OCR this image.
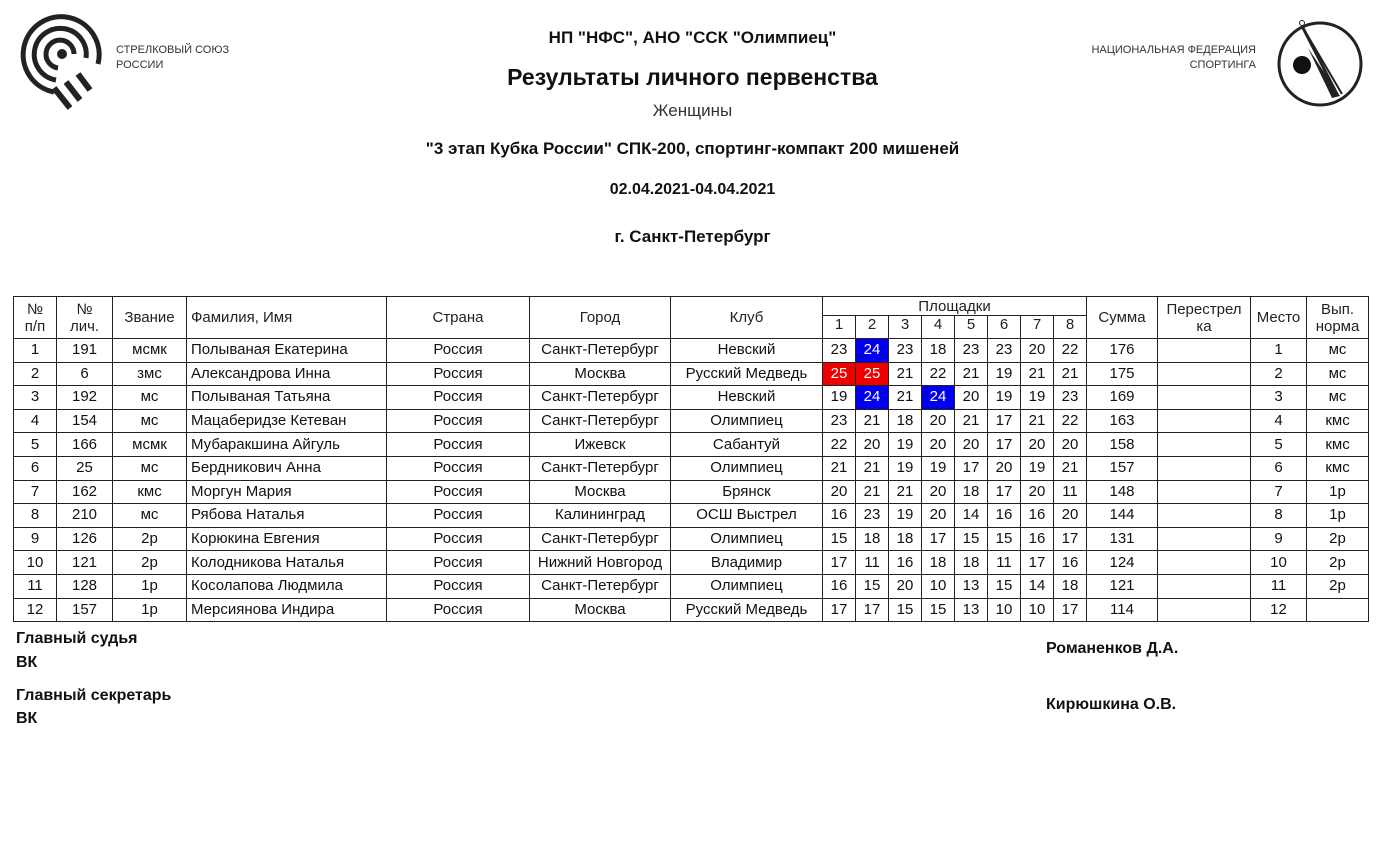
СТРЕЛКОВЫЙ СОЮЗ
РОССИИ
НАЦИОНАЛЬНАЯ ФЕДЕРАЦИЯ
СПОРТИНГА
НП "НФС", АНО "ССК "Олимпиец"
Результаты личного первенства
Женщины
"3 этап Кубка России" СПК-200, спортинг-компакт 200 мишеней
02.04.2021-04.04.2021
г. Санкт-Петербург
№
п/п	№
лич.	Звание	Фамилия, Имя	Страна	Город	Клуб	Площадки								Сумма	Перестрел
ка	Место	Вып.
норма
							1	2	3	4	5	6	7	8				
1	191	мсмк	Полываная Екатерина	Россия	Санкт-Петербург	Невский	23	24	23	18	23	23	20	22	176		1	мс
2	6	змс	Александрова Инна	Россия	Москва	Русский Медведь	25	25	21	22	21	19	21	21	175		2	мс
3	192	мс	Полываная Татьяна	Россия	Санкт-Петербург	Невский	19	24	21	24	20	19	19	23	169		3	мс
4	154	мс	Мацаберидзе Кетеван	Россия	Санкт-Петербург	Олимпиец	23	21	18	20	21	17	21	22	163		4	кмс
5	166	мсмк	Мубаракшина Айгуль	Россия	Ижевск	Сабантуй	22	20	19	20	20	17	20	20	158		5	кмс
6	25	мс	Бердникович Анна	Россия	Санкт-Петербург	Олимпиец	21	21	19	19	17	20	19	21	157		6	кмс
7	162	кмс	Моргун Мария	Россия	Москва	Брянск	20	21	21	20	18	17	20	11	148		7	1р
8	210	мс	Рябова Наталья	Россия	Калининград	ОСШ Выстрел	16	23	19	20	14	16	16	20	144		8	1р
9	126	2р	Корюкина Евгения	Россия	Санкт-Петербург	Олимпиец	15	18	18	17	15	15	16	17	131		9	2р
10	121	2р	Колодникова Наталья	Россия	Нижний Новгород	Владимир	17	11	16	18	18	11	17	16	124		10	2р
11	128	1р	Косолапова Людмила	Россия	Санкт-Петербург	Олимпиец	16	15	20	10	13	15	14	18	121		11	2р
12	157	1р	Мерсиянова Индира	Россия	Москва	Русский Медведь	17	17	15	15	13	10	10	17	114		12	
Главный судья
ВК
Романенков Д.А.
Главный секретарь
ВК
Кирюшкина О.В.
